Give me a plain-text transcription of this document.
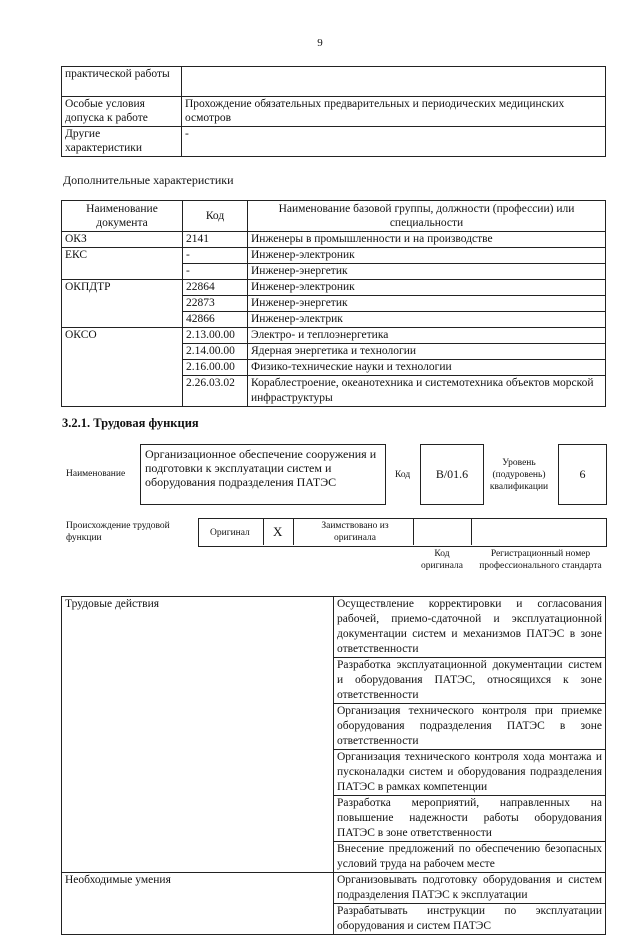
9
практической работы	
Особые условия допуска к работе	Прохождение обязательных предварительных и периодических медицинских осмотров
Другие характеристики	-
Дополнительные характеристики
Наименование документа	Код	Наименование базовой группы, должности (профессии) или специальности
ОКЗ	2141	Инженеры в промышленности и на производстве
ЕКС	-	Инженер-электроник
	-	Инженер-энергетик
ОКПДТР	22864	Инженер-электроник
	22873	Инженер-энергетик
	42866	Инженер-электрик
ОКСО	2.13.00.00	Электро- и теплоэнергетика
	2.14.00.00	Ядерная энергетика и технологии
	2.16.00.00	Физико-технические науки и технологии
	2.26.03.02	Кораблестроение, океанотехника и системотехника объектов морской инфраструктуры
3.2.1. Трудовая функция
Наименование
Организационное обеспечение сооружения и подготовки к эксплуатации систем и оборудования подразделения ПАТЭС	Код	В/01.6
Уровень (подуровень) квалификации
6
Происхождение трудовой функции	Оригинал X	Заимствовано из оригинала
Код оригинала
Регистрационный номер профессионального стандарта
Трудовые действия	Осуществление корректировки и согласования рабочей, приемо-сдаточной и эксплуатационной документации систем и механизмов ПАТЭС в зоне ответственности
	Разработка эксплуатационной документации систем и оборудования ПАТЭС, относящихся к зоне ответственности
	Организация технического контроля при приемке оборудования подразделения ПАТЭС в зоне ответственности
	Организация технического контроля хода монтажа и пусконаладки систем и оборудования подразделения ПАТЭС в рамках компетенции
	Разработка мероприятий, направленных на повышение надежности работы оборудования ПАТЭС в зоне ответственности
	Внесение предложений по обеспечению безопасных условий труда на рабочем месте
Необходимые умения	Организовывать подготовку оборудования и систем подразделения ПАТЭС к эксплуатации
	Разрабатывать инструкции по эксплуатации оборудования и систем ПАТЭС
